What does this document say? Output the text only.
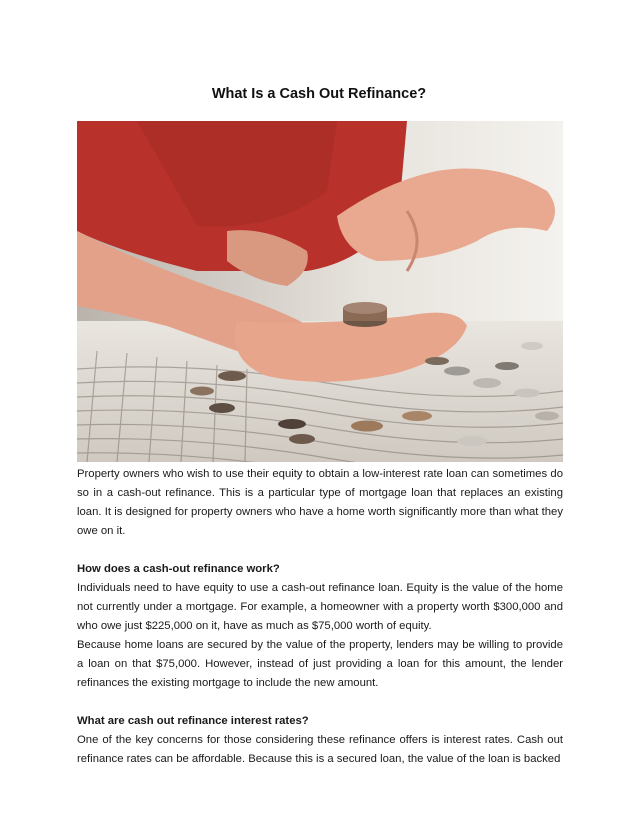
What Is a Cash Out Refinance?

Property owners who wish to use their equity to obtain a low-interest rate loan can sometimes do so in a cash-out refinance. This is a particular type of mortgage loan that replaces an existing loan. It is designed for property owners who have a home worth significantly more than what they owe on it.

How does a cash-out refinance work?

Individuals need to have equity to use a cash-out refinance loan. Equity is the value of the home not currently under a mortgage. For example, a homeowner with a property worth $300,000 and who owe just $225,000 on it, have as much as $75,000 worth of equity.

Because home loans are secured by the value of the property, lenders may be willing to provide a loan on that $75,000. However, instead of just providing a loan for this amount, the lender refinances the existing mortgage to include the new amount.

What are cash out refinance interest rates?

One of the key concerns for those considering these refinance offers is interest rates. Cash out refinance rates can be affordable. Because this is a secured loan, the value of the loan is backed
